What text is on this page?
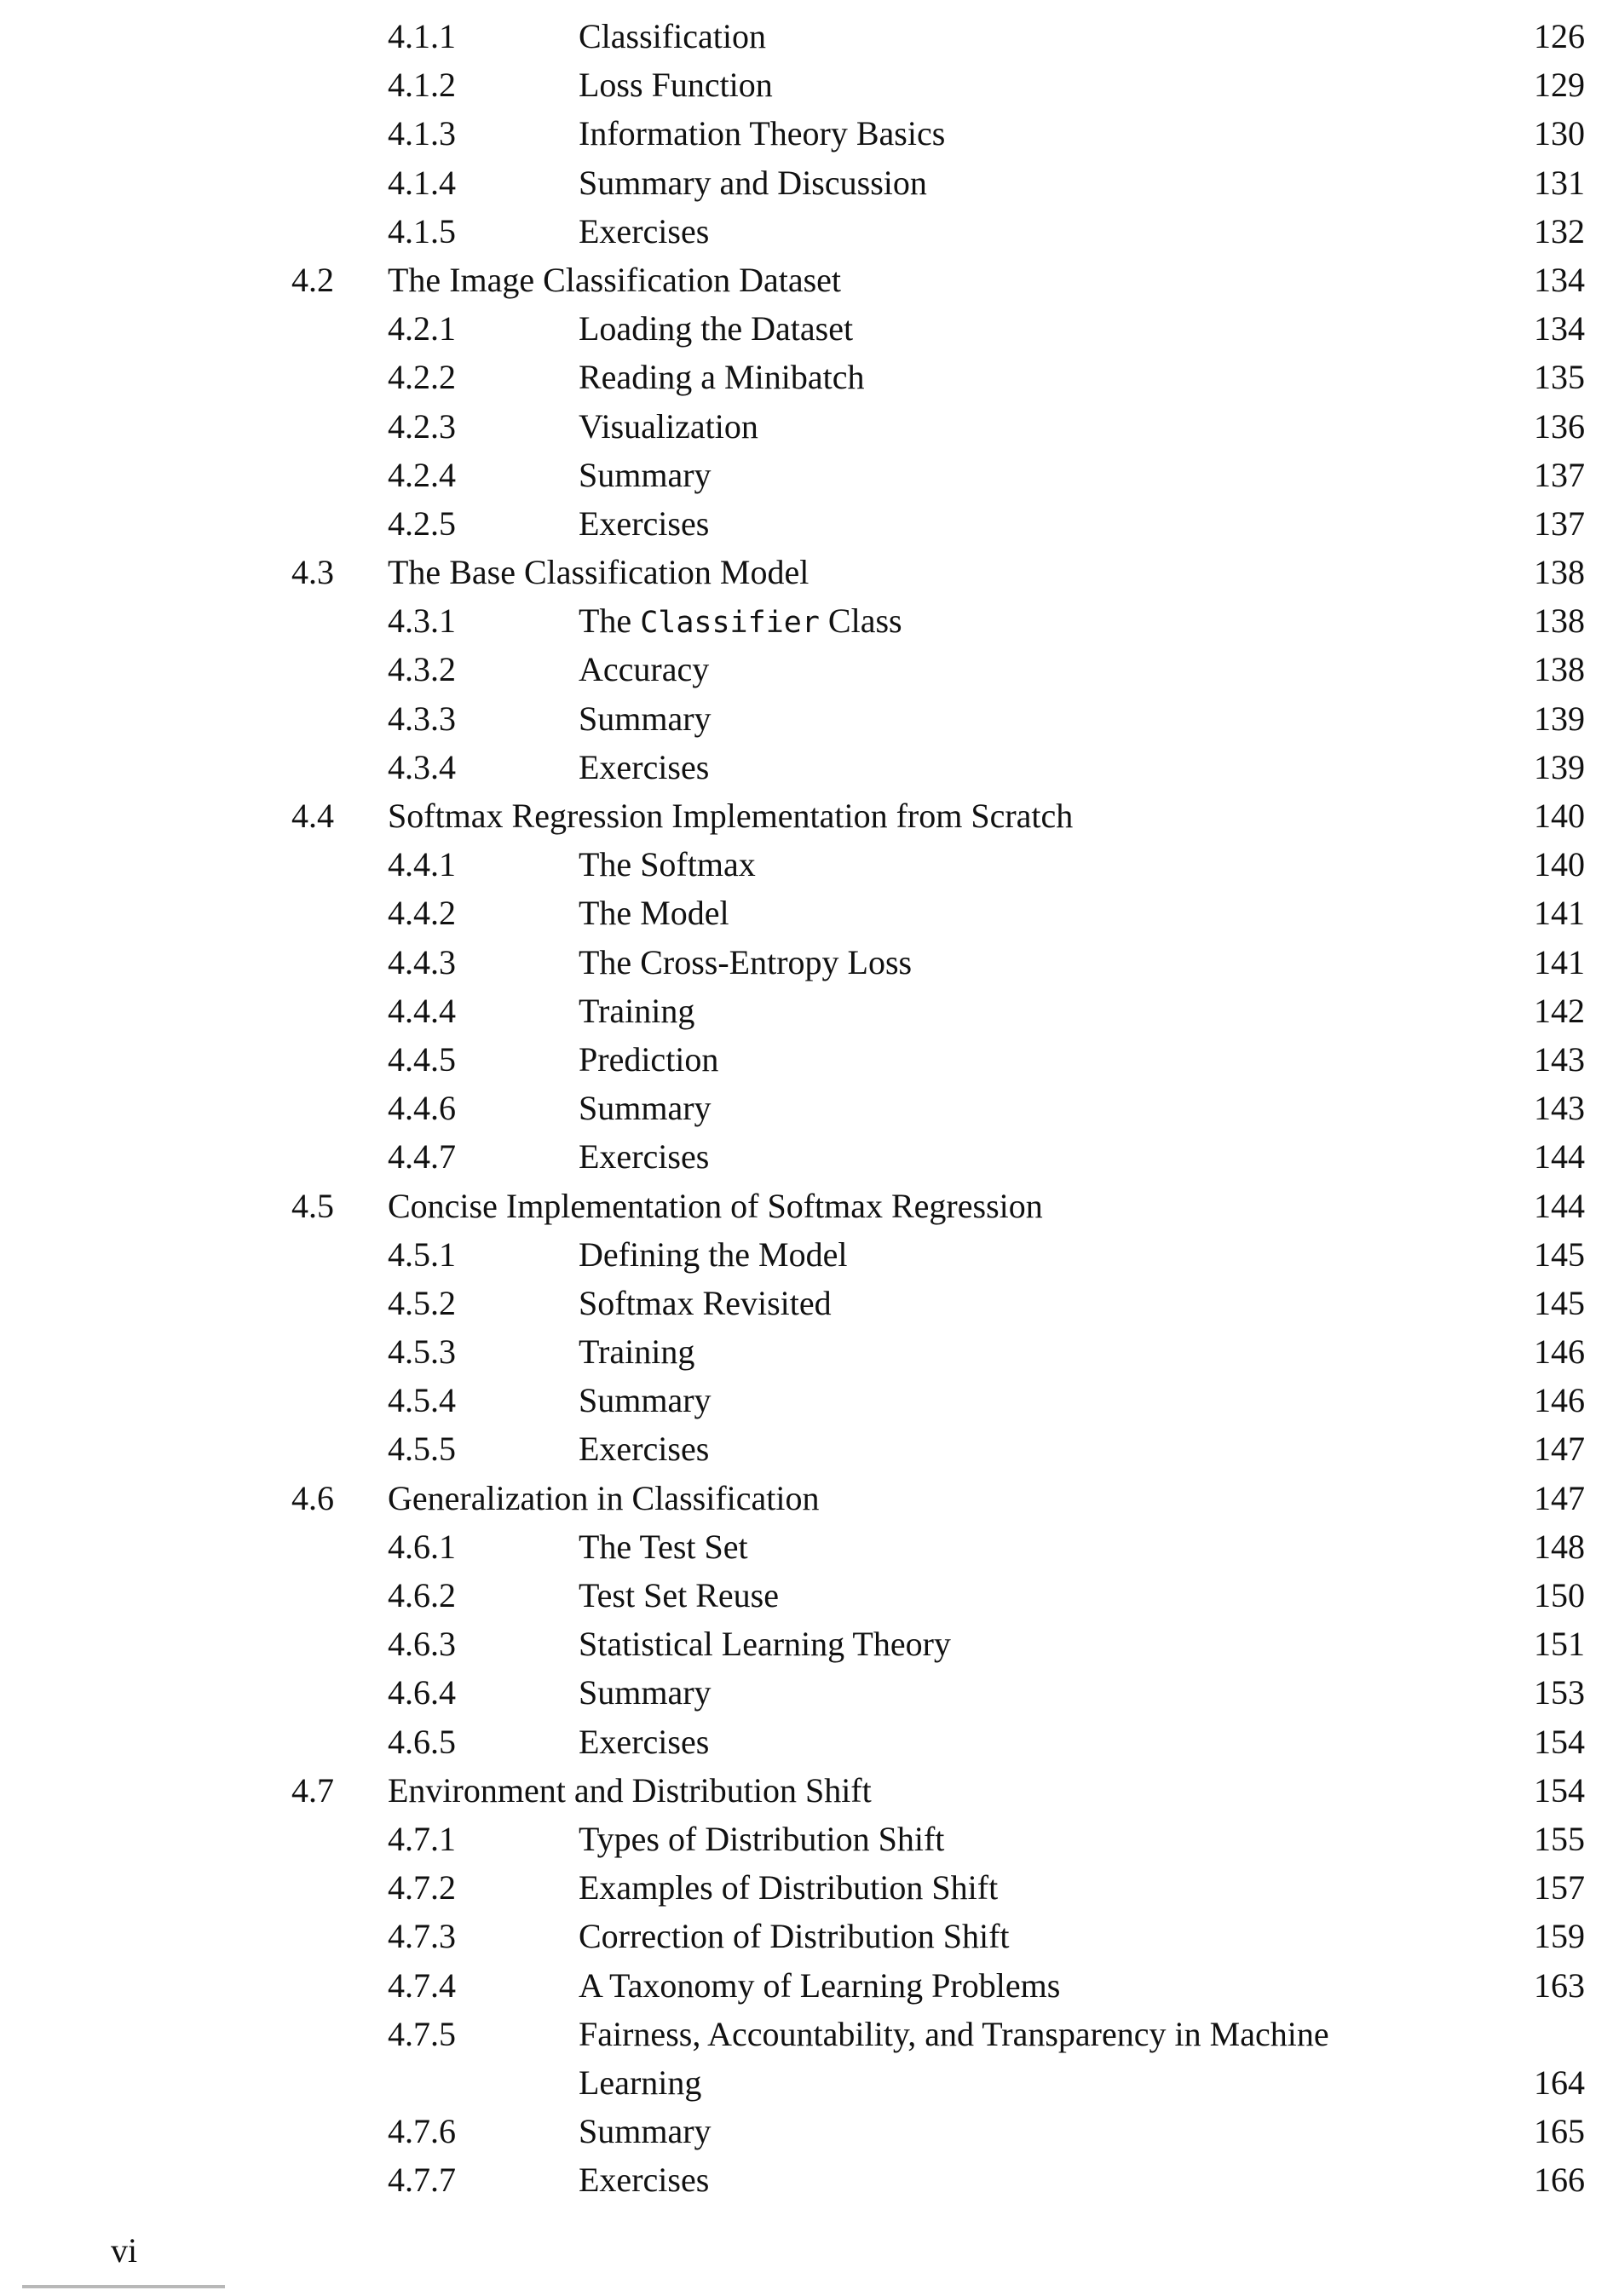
4.1.1	Classification	126
4.1.2	Loss Function	129
4.1.3	Information Theory Basics	130
4.1.4	Summary and Discussion	131
4.1.5	Exercises	132
4.2 The Image Classification Dataset	134
4.2.1	Loading the Dataset	134
4.2.2	Reading a Minibatch	135
4.2.3	Visualization	136
4.2.4	Summary	137
4.2.5	Exercises	137
4.3 The Base Classification Model	138
4.3.1	The Classifier Class	138
4.3.2	Accuracy	138
4.3.3	Summary	139
4.3.4	Exercises	139
4.4 Softmax Regression Implementation from Scratch	140
4.4.1	The Softmax	140
4.4.2	The Model	141
4.4.3	The Cross-Entropy Loss	141
4.4.4	Training	142
4.4.5	Prediction	143
4.4.6	Summary	143
4.4.7	Exercises	144
4.5 Concise Implementation of Softmax Regression	144
4.5.1	Defining the Model	145
4.5.2	Softmax Revisited	145
4.5.3	Training	146
4.5.4	Summary	146
4.5.5	Exercises	147
4.6 Generalization in Classification	147
4.6.1	The Test Set	148
4.6.2	Test Set Reuse	150
4.6.3	Statistical Learning Theory	151
4.6.4	Summary	153
4.6.5	Exercises	154
4.7 Environment and Distribution Shift	154
4.7.1	Types of Distribution Shift	155
4.7.2	Examples of Distribution Shift	157
4.7.3	Correction of Distribution Shift	159
4.7.4	A Taxonomy of Learning Problems	163
4.7.5	Fairness, Accountability, and Transparency in Machine
Learning	164
4.7.6	Summary	165
4.7.7	Exercises	166
vi
